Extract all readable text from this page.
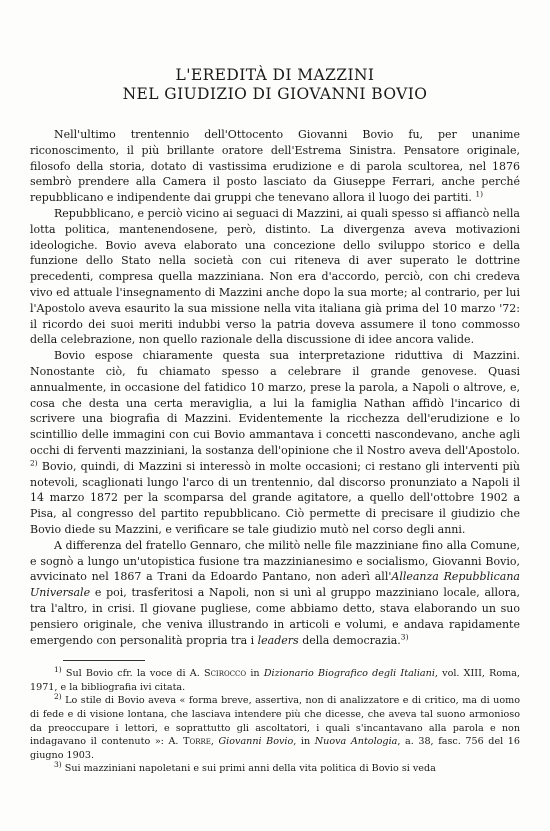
L'EREDITÀ DI MAZZINI
NEL GIUDIZIO DI GIOVANNI BOVIO

Nell'ultimo trentennio dell'Ottocento Giovanni Bovio fu, per unanime riconoscimento, il più brillante oratore dell'Estrema Sinistra. Pensatore originale, filosofo della storia, dotato di vastissima erudizione e di parola scultorea, nel 1876 sembrò prendere alla Camera il posto lasciato da Giuseppe Ferrari, anche perché repubblicano e indipendente dai gruppi che tenevano allora il luogo dei partiti. $^{1)}$

Repubblicano, e perciò vicino ai seguaci di Mazzini, ai quali spesso si affiancò nella lotta politica, mantenendosene, però, distinto. La divergenza aveva motivazioni ideologiche. Bovio aveva elaborato una concezione dello sviluppo storico e della funzione dello Stato nella società con cui riteneva di aver superato le dottrine precedenti, compresa quella mazziniana. Non era d'accordo, perciò, con chi credeva vivo ed attuale l'insegnamento di Mazzini anche dopo la sua morte; al contrario, per lui l'Apostolo aveva esaurito la sua missione nella vita italiana già prima del 10 marzo '72: il ricordo dei suoi meriti indubbi verso la patria doveva assumere il tono commosso della celebrazione, non quello razionale della discussione di idee ancora valide.

Bovio espose chiaramente questa sua interpretazione riduttiva di Mazzini. Nonostante ciò, fu chiamato spesso a celebrare il grande genovese. Quasi annualmente, in occasione del fatidico 10 marzo, prese la parola, a Napoli o altrove, e, cosa che desta una certa meraviglia, a lui la famiglia Nathan affidò l'incarico di scrivere una biografia di Mazzini. Evidentemente la ricchezza dell'erudizione e lo scintillio delle immagini con cui Bovio ammantava i concetti nascondevano, anche agli occhi di ferventi mazziniani, la sostanza dell'opinione che il Nostro aveva dell'Apostolo. $^{2)}$ Bovio, quindi, di Mazzini si interessò in molte occasioni; ci restano gli interventi più notevoli, scaglionati lungo l'arco di un trentennio, dal discorso pronunziato a Napoli il 14 marzo 1872 per la scomparsa del grande agitatore, a quello dell'ottobre 1902 a Pisa, al congresso del partito repubblicano. Ciò permette di precisare il giudizio che Bovio diede su Mazzini, e verificare se tale giudizio mutò nel corso degli anni.

A differenza del fratello Gennaro, che militò nelle file mazziniane fino alla Comune, e sognò a lungo un'utopistica fusione tra mazzinianesimo e socialismo, Giovanni Bovio, avvicinato nel 1867 a Trani da Edoardo Pantano, non aderì all'Alleanza Repubblicana Universale e poi, trasferitosi a Napoli, non si unì al gruppo mazziniano locale, allora, tra l'altro, in crisi. Il giovane pugliese, come abbiamo detto, stava elaborando un suo pensiero originale, che veniva illustrando in articoli e volumi, e andava rapidamente emergendo con personalità propria tra i leaders della democrazia.$^{3)}$

$^{1)}$ Sul Bovio cfr. la voce di A. Scirocco in Dizionario Biografico degli Italiani, vol. XIII, Roma, 1971, e la bibliografia ivi citata.

$^{2)}$ Lo stile di Bovio aveva « forma breve, assertiva, non di analizzatore e di critico, ma di uomo di fede e di visione lontana, che lasciava intendere più che dicesse, che aveva tal suono armonioso da preoccupare i lettori, e soprattutto gli ascoltatori, i quali s'incantavano alla parola e non indagavano il contenuto »: A. Torre, Giovanni Bovio, in Nuova Antologia, a. 38, fasc. 756 del 16 giugno 1903.

$^{3)}$ Sui mazziniani napoletani e sui primi anni della vita politica di Bovio si veda
